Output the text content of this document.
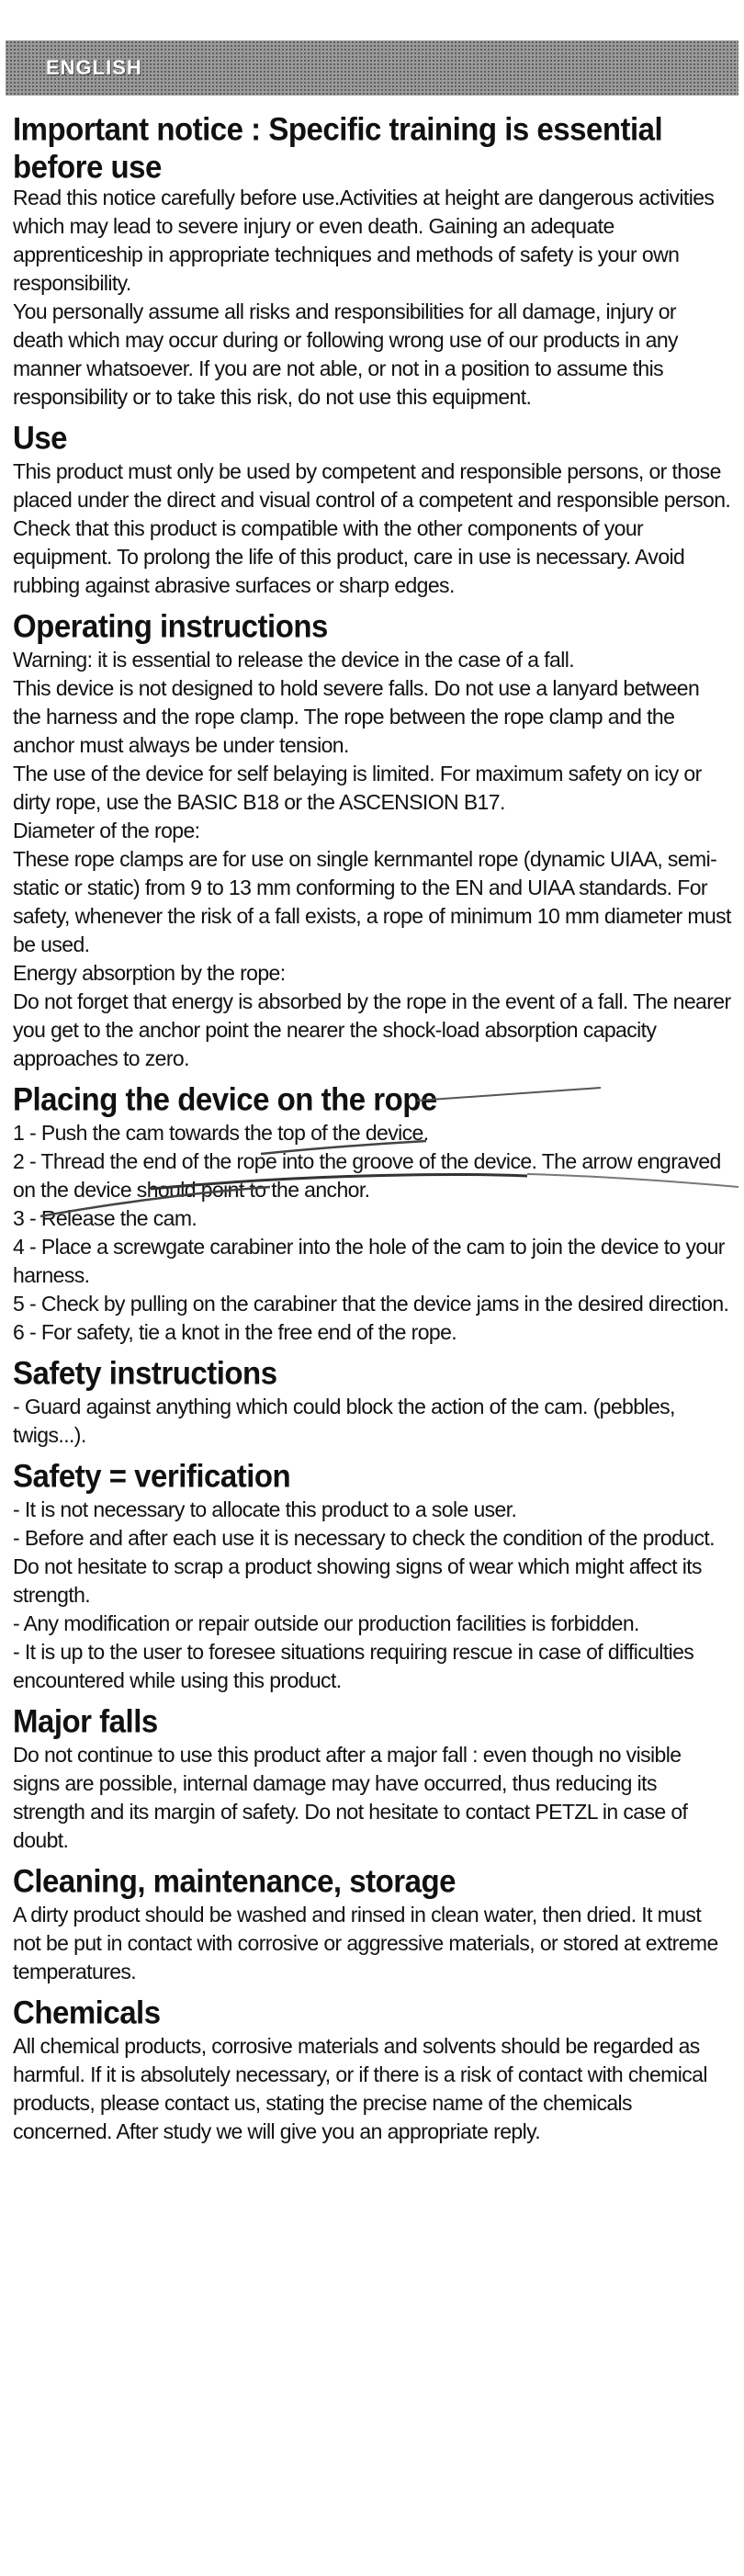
ENGLISH
Important notice : Specific training is essential before use

Read this notice carefully before use.Activities at height are dangerous activities which may lead to severe injury or even death. Gaining an adequate apprenticeship in appropriate techniques and methods of safety is your own responsibility.

You personally assume all risks and responsibilities for all damage, injury or death which may occur during or following wrong use of our products in any manner whatsoever. If you are not able, or not in a position to assume this responsibility or to take this risk, do not use this equipment.

Use

This product must only be used by competent and responsible persons, or those placed under the direct and visual control of a competent and responsible person.

Check that this product is compatible with the other components of your equipment. To prolong the life of this product, care in use is necessary. Avoid rubbing against abrasive surfaces or sharp edges.

Operating instructions

Warning: it is essential to release the device in the case of a fall.

This device is not designed to hold severe falls. Do not use a lanyard between the harness and the rope clamp. The rope between the rope clamp and the anchor must always be under tension.

The use of the device for self belaying is limited. For maximum safety on icy or dirty rope, use the BASIC B18 or the ASCENSION B17.

Diameter of the rope:

These rope clamps are for use on single kernmantel rope (dynamic UIAA, semi-static or static) from 9 to 13 mm conforming to the EN and UIAA standards. For safety, whenever the risk of a fall exists, a rope of minimum 10 mm diameter must be used.

Energy absorption by the rope:

Do not forget that energy is absorbed by the rope in the event of a fall. The nearer you get to the anchor point the nearer the shock-load absorption capacity approaches to zero.

Placing the device on the rope

1 - Push the cam towards the top of the device.

2 - Thread the end of the rope into the groove of the device. The arrow engraved on the device should point to the anchor.

3 - Release the cam.

4 - Place a screwgate carabiner into the hole of the cam to join the device to your harness.

5 - Check by pulling on the carabiner that the device jams in the desired direction.

6 - For safety, tie a knot in the free end of the rope.

Safety instructions

- Guard against anything which could block the action of the cam. (pebbles, twigs...).

Safety = verification

- It is not necessary to allocate this product to a sole user.

- Before and after each use it is necessary to check the condition of the product. Do not hesitate to scrap a product showing signs of wear which might affect its strength.

- Any modification or repair outside our production facilities is forbidden.

- It is up to the user to foresee situations requiring rescue in case of difficulties encountered while using this product.

Major falls

Do not continue to use this product after a major fall : even though no visible signs are possible, internal damage may have occurred, thus reducing its strength and its margin of safety. Do not hesitate to contact PETZL in case of doubt.

Cleaning, maintenance, storage

A dirty product should be washed and rinsed in clean water, then dried. It must not be put in contact with corrosive or aggressive materials, or stored at extreme temperatures.

Chemicals

All chemical products, corrosive materials and solvents should be regarded as harmful. If it is absolutely necessary, or if there is a risk of contact with chemical products, please contact us, stating the precise name of the chemicals concerned. After study we will give you an appropriate reply.
